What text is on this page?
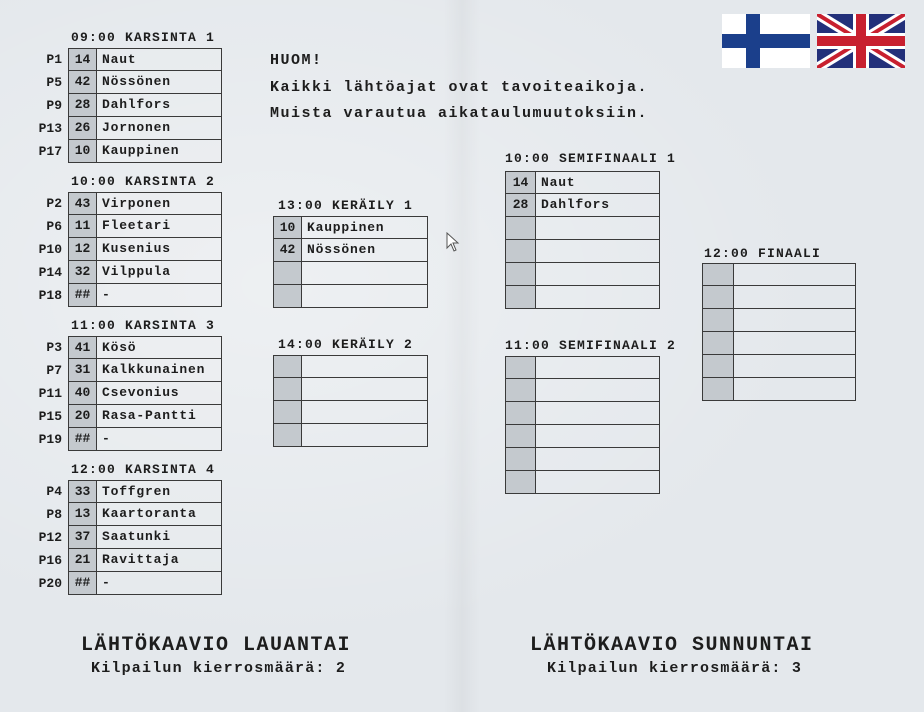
HUOM!
Kaikki lähtöajat ovat tavoiteaikoja.
Muista varautua aikataulumuutoksiin.
09:00 KARSINTA 1
P1 14 Naut
P5 42 Nössönen
P9 28 Dahlfors
P13 26 Jornonen
P17 10 Kauppinen
10:00 KARSINTA 2
P2 43 Virponen
P6 11 Fleetari
P10 12 Kusenius
P14 32 Vilppula
P18 ## -
11:00 KARSINTA 3
P3 41 Kösö
P7 31 Kalkkunainen
P11 40 Csevonius
P15 20 Rasa-Pantti
P19 ## -
12:00 KARSINTA 4
P4 33 Toffgren
P8 13 Kaartoranta
P12 37 Saatunki
P16 21 Ravittaja
P20 ## -
13:00 KERÄILY 1
10 Kauppinen
42 Nössönen
14:00 KERÄILY 2
10:00 SEMIFINAALI 1
14 Naut
28 Dahlfors
11:00 SEMIFINAALI 2
12:00 FINAALI
LÄHTÖKAAVIO LAUANTAI
Kilpailun kierrosmäärä: 2
LÄHTÖKAAVIO SUNNUNTAI
Kilpailun kierrosmäärä: 3
